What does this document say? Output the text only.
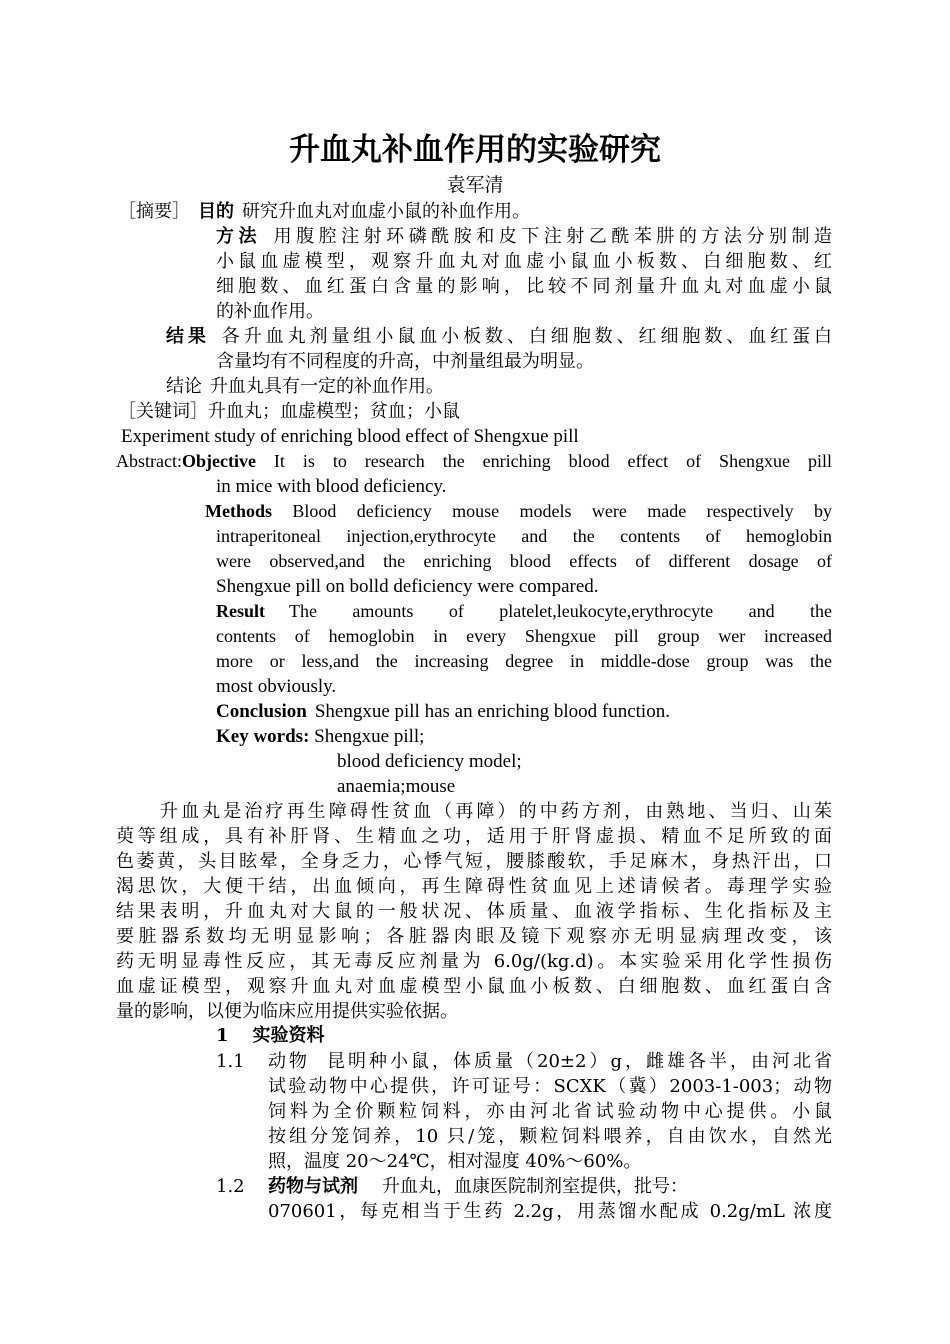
升血丸补血作用的实验研究
袁军清
［摘要］ 目的 研究升血丸对血虚小鼠的补血作用。
方法 用腹腔注射环磷酰胺和皮下注射乙酰苯肼的方法分别制造
小鼠血虚模型，观察升血丸对血虚小鼠血小板数、白细胞数、红
细胞数、血红蛋白含量的影响，比较不同剂量升血丸对血虚小鼠
的补血作用。
结果 各升血丸剂量组小鼠血小板数、白细胞数、红细胞数、血红蛋白
含量均有不同程度的升高，中剂量组最为明显。
结论 升血丸具有一定的补血作用。
［关键词］升血丸；血虚模型；贫血；小鼠
Experiment study of enriching blood effect of Shengxue pill
Abstract:Objective It is to research the enriching blood effect of Shengxue pill
in mice with blood deficiency.
Methods Blood deficiency mouse models were made respectively by
intraperitoneal injection,erythrocyte and the contents of hemoglobin
were observed,and the enriching blood effects of different dosage of
Shengxue pill on bolld deficiency were compared.
Result The amounts of platelet,leukocyte,erythrocyte and the
contents of hemoglobin in every Shengxue pill group wer increased
more or less,and the increasing degree in middle-dose group was the
most obviously.
Conclusion Shengxue pill has an enriching blood function.
Key words: Shengxue pill;
blood deficiency model;
anaemia;mouse
升血丸是治疗再生障碍性贫血（再障）的中药方剂，由熟地、当归、山茱
萸等组成，具有补肝肾、生精血之功，适用于肝肾虚损、精血不足所致的面
色萎黄，头目眩晕，全身乏力，心悸气短，腰膝酸软，手足麻木，身热汗出，口
渴思饮，大便干结，出血倾向，再生障碍性贫血见上述请候者。毒理学实验
结果表明，升血丸对大鼠的一般状况、体质量、血液学指标、生化指标及主
要脏器系数均无明显影响；各脏器肉眼及镜下观察亦无明显病理改变，该
药无明显毒性反应，其无毒反应剂量为 6.0g/(kg.d)。本实验采用化学性损伤
血虚证模型，观察升血丸对血虚模型小鼠血小板数、白细胞数、血红蛋白含
量的影响，以便为临床应用提供实验依据。
1 实验资料
1.1 动物 昆明种小鼠，体质量（20±2）g，雌雄各半，由河北省
试验动物中心提供，许可证号：SCXK（冀）2003-1-003；动物
饲料为全价颗粒饲料，亦由河北省试验动物中心提供。小鼠
按组分笼饲养，10 只/笼，颗粒饲料喂养，自由饮水，自然光
照，温度 20～24℃，相对湿度 40%～60%。
1.2 药物与试剂 升血丸，血康医院制剂室提供，批号：
070601，每克相当于生药 2.2g，用蒸馏水配成 0.2g/mL 浓度
